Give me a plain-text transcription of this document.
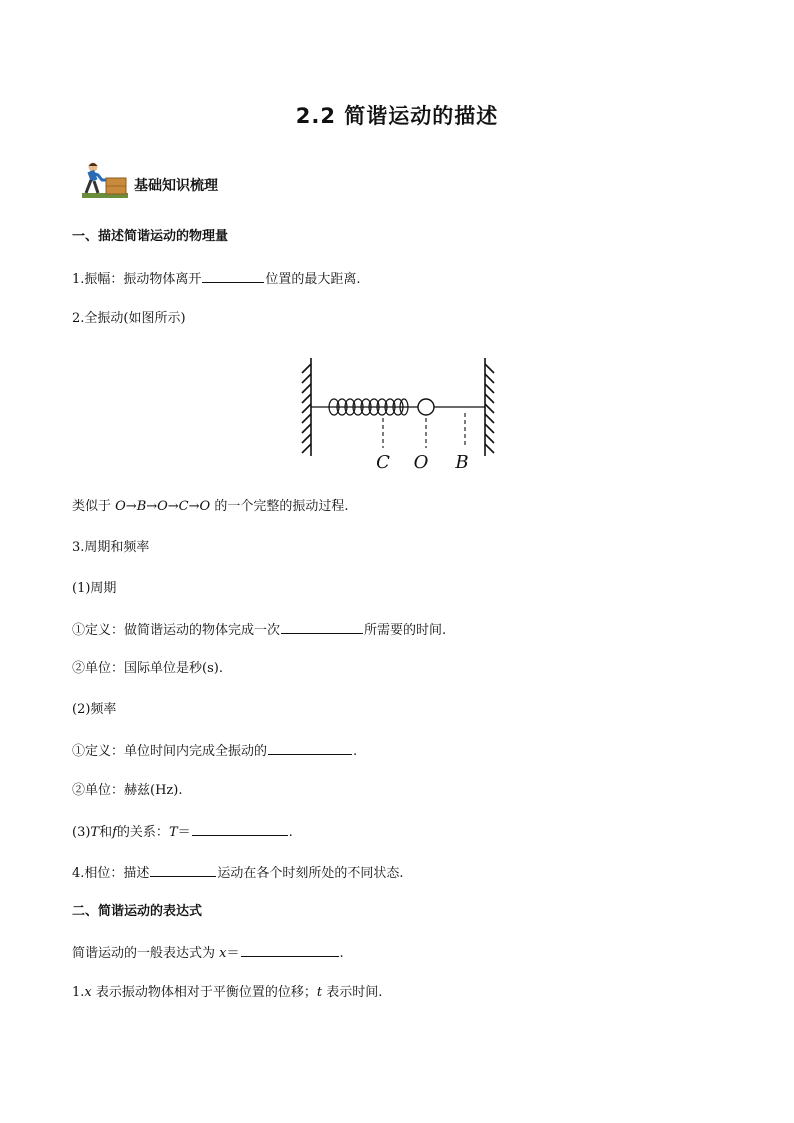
2.2 简谐运动的描述
基础知识梳理
一、描述简谐运动的物理量
1.振幅：振动物体离开	位置的最大距离.
2.全振动(如图所示)
C O B
类似于 O→B→O→C→O 的一个完整的振动过程.
3.周期和频率
(1)周期
①定义：做简谐运动的物体完成一次	所需要的时间.
②单位：国际单位是秒(s).
(2)频率
①定义：单位时间内完成全振动的	.
②单位：赫兹(Hz).
(3)T和f的关系：T＝	.
4.相位：描述	运动在各个时刻所处的不同状态.
二、简谐运动的表达式
简谐运动的一般表达式为 x＝	.
1.x 表示振动物体相对于平衡位置的位移；t 表示时间.
